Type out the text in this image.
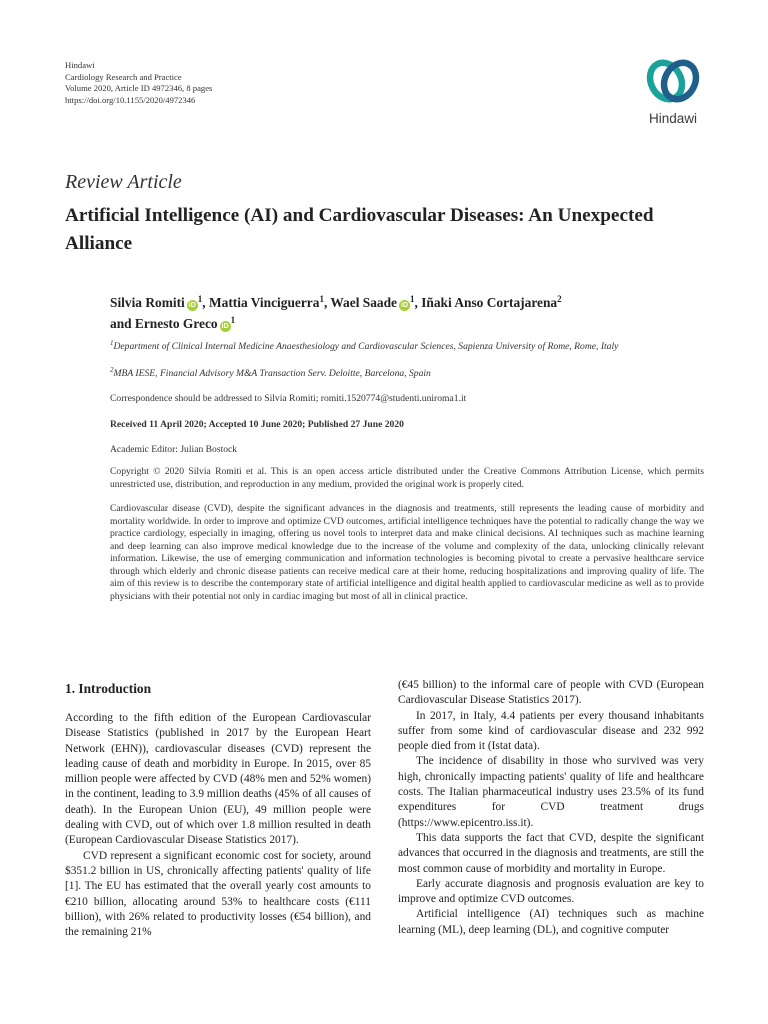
Hindawi
Cardiology Research and Practice
Volume 2020, Article ID 4972346, 8 pages
https://doi.org/10.1155/2020/4972346
Hindawi
Review Article
Artificial Intelligence (AI) and Cardiovascular Diseases: An Unexpected Alliance
Silvia Romiti $iD^1$, Mattia Vinciguerra$^1$, Wael Saade $iD^1$, Iñaki Anso Cortajarena$^2$
and Ernesto Greco $iD^1$
$^1$Department of Clinical Internal Medicine Anaesthesiology and Cardiovascular Sciences, Sapienza University of Rome, Rome, Italy
$^2$MBA IESE, Financial Advisory M&A Transaction Serv. Deloitte, Barcelona, Spain
Correspondence should be addressed to Silvia Romiti; romiti.1520774@studenti.uniroma1.it
Received 11 April 2020; Accepted 10 June 2020; Published 27 June 2020
Academic Editor: Julian Bostock
Copyright © 2020 Silvia Romiti et al. This is an open access article distributed under the Creative Commons Attribution License, which permits unrestricted use, distribution, and reproduction in any medium, provided the original work is properly cited.

Cardiovascular disease (CVD), despite the significant advances in the diagnosis and treatments, still represents the leading cause of morbidity and mortality worldwide. In order to improve and optimize CVD outcomes, artificial intelligence techniques have the potential to radically change the way we practice cardiology, especially in imaging, offering us novel tools to interpret data and make clinical decisions. AI techniques such as machine learning and deep learning can also improve medical knowledge due to the increase of the volume and complexity of the data, unlocking clinically relevant information. Likewise, the use of emerging communication and information technologies is becoming pivotal to create a pervasive healthcare service through which elderly and chronic disease patients can receive medical care at their home, reducing hospitalizations and improving quality of life. The aim of this review is to describe the contemporary state of artificial intelligence and digital health applied to cardiovascular medicine as well as to provide physicians with their potential not only in cardiac imaging but most of all in clinical practice.

1. Introduction

According to the fifth edition of the European Cardiovascular Disease Statistics (published in 2017 by the European Heart Network (EHN)), cardiovascular diseases (CVD) represent the leading cause of death and morbidity in Europe. In 2015, over 85 million people were affected by CVD (48% men and 52% women) in the continent, leading to 3.9 million deaths (45% of all causes of death). In the European Union (EU), 49 million people were dealing with CVD, out of which over 1.8 million resulted in death (European Cardiovascular Disease Statistics 2017).

CVD represent a significant economic cost for society, around $351.2 billion in US, chronically affecting patients' quality of life [1]. The EU has estimated that the overall yearly cost amounts to €210 billion, allocating around 53% to healthcare costs (€111 billion), with 26% related to productivity losses (€54 billion), and the remaining 21%

(€45 billion) to the informal care of people with CVD (European Cardiovascular Disease Statistics 2017).

In 2017, in Italy, 4.4 patients per every thousand inhabitants suffer from some kind of cardiovascular disease and 232 992 people died from it (Istat data).

The incidence of disability in those who survived was very high, chronically impacting patients' quality of life and healthcare costs. The Italian pharmaceutical industry uses 23.5% of its fund expenditures for CVD treatment drugs (https://www.epicentro.iss.it).

This data supports the fact that CVD, despite the significant advances that occurred in the diagnosis and treatments, are still the most common cause of morbidity and mortality in Europe.

Early accurate diagnosis and prognosis evaluation are key to improve and optimize CVD outcomes.

Artificial intelligence (AI) techniques such as machine learning (ML), deep learning (DL), and cognitive computer
